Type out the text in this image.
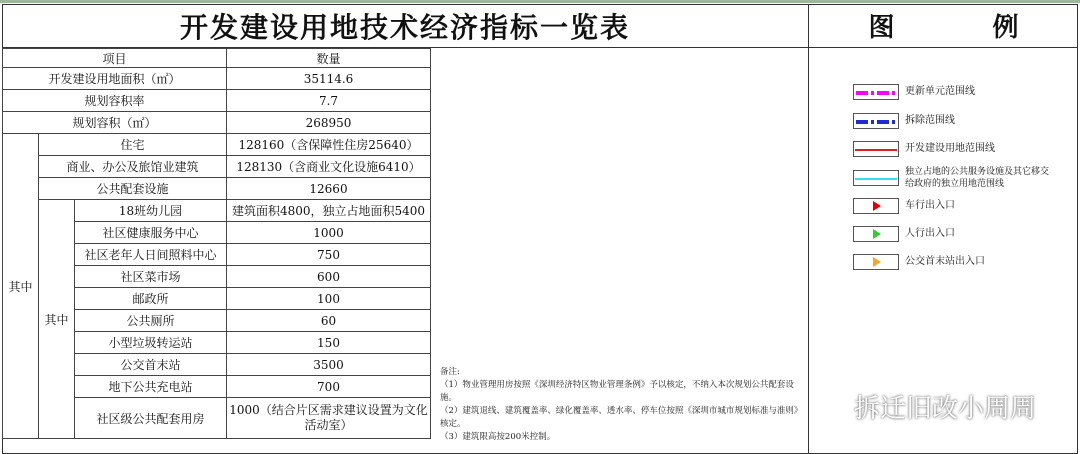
开发建设用地技术经济指标一览表	图　例
项目			数量
开发建设用地面积（㎡）			35114.6
规划容积率			7.7
规划容积（㎡）			268950
其中	住宅		128160（含保障性住房25640）
	商业、办公及旅馆业建筑		128130（含商业文化设施6410）
	公共配套设施		12660
	其中	18班幼儿园	建筑面积4800，独立占地面积5400
		社区健康服务中心	1000
		社区老年人日间照料中心	750
		社区菜市场	600
		邮政所	100
		公共厕所	60
		小型垃圾转运站	150
		公交首末站	3500
		地下公共充电站	700
		社区级公共配套用房	1000（结合片区需求建议设置为文化活动室）
备注:
（1）物业管理用房按照《深圳经济特区物业管理条例》予以核定，不纳入本次规划公共配套设施。
（2）建筑退线、建筑覆盖率、绿化覆盖率、透水率、停车位按照《深圳市城市规划标准与准则》核定。
（3）建筑限高按200米控制。
更新单元范围线
拆除范围线
开发建设用地范围线
独立占地的公共服务设施及其它移交给政府的独立用地范围线
车行出入口
人行出入口
公交首末站出入口
拆迁旧改小周周
